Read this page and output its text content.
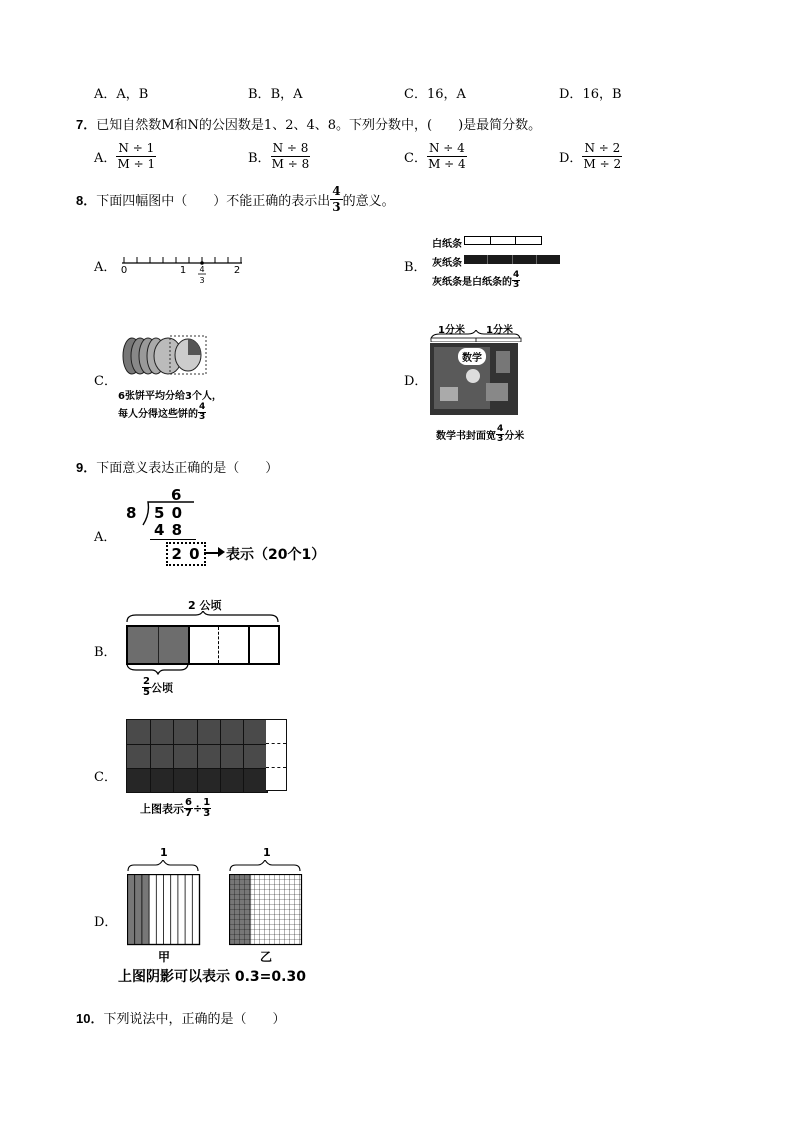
A．A，B	B．B，A	C．16，A	D．16，B
7．已知自然数M和N的公因数是1、2、4、8。下列分数中，(　　)是最简分数。
A． $\frac{N \div 1}{M \div 1}$	B． $\frac{N \div 8}{M \div 8}$	C． $\frac{N \div 4}{M \div 4}$	D． $\frac{N \div 2}{M \div 2}$
8．下面四幅图中（　　）不能正确的表示出 $\frac{4}{3}$ 的意义。
A．	B．
C．	D．
0	1 4
3
2
白纸条
灰纸条
灰纸条是白纸条的 $\frac{4}{3}$
6张饼平均分给3个人，
每人分得这些饼的 $\frac{4}{3}$
1分米 1分米
数学
数学书封面宽 $\frac{4}{3}$ 分米
9．下面意义表达正确的是（　　）
A．
B．
C．
D．
6
8 5 0
4 8
2 0	表示（20个1）
2 公顷
$\frac{2}{5}$ 公顷
上图表示 $\frac{6}{7} \div \frac{1}{3}$
1	1
甲	乙
上图阴影可以表示 0.3=0.30
10．下列说法中，正确的是（　　）
